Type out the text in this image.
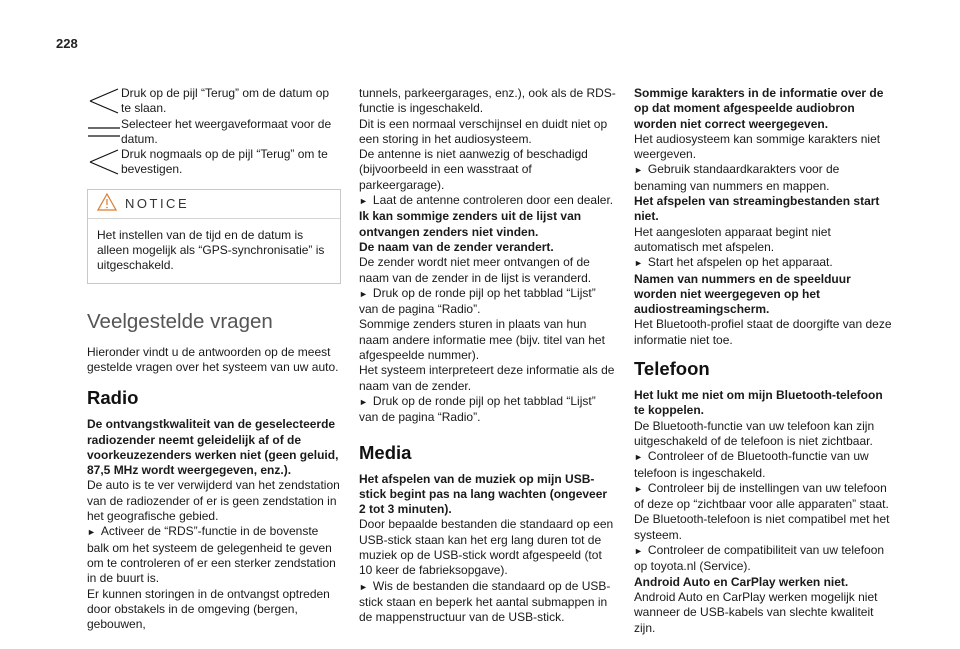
228

Druk op de pijl “Terug” om de datum op te slaan.

Selecteer het weergaveformaat voor de datum.

Druk nogmaals op de pijl “Terug” om te bevestigen.

NOTICE

Het instellen van de tijd en de datum is alleen mogelijk als “GPS-synchronisatie” is uitgeschakeld.

Veelgestelde vragen

Hieronder vindt u de antwoorden op de meest gestelde vragen over het systeem van uw auto.

Radio

De ontvangstkwaliteit van de geselecteerde radiozender neemt geleidelijk af of de voorkeuzezenders werken niet (geen geluid, 87,5 MHz wordt weergegeven, enz.).

De auto is te ver verwijderd van het zendstation van de radiozender of er is geen zendstation in het geografische gebied.

► Activeer de “RDS”-functie in de bovenste balk om het systeem de gelegenheid te geven om te controleren of er een sterker zendstation in de buurt is.

Er kunnen storingen in de ontvangst optreden door obstakels in de omgeving (bergen, gebouwen,

tunnels, parkeergarages, enz.), ook als de RDS-functie is ingeschakeld.

Dit is een normaal verschijnsel en duidt niet op een storing in het audiosysteem.

De antenne is niet aanwezig of beschadigd (bijvoorbeeld in een wasstraat of parkeergarage).

► Laat de antenne controleren door een dealer.

Ik kan sommige zenders uit de lijst van ontvangen zenders niet vinden.

De naam van de zender verandert.

De zender wordt niet meer ontvangen of de naam van de zender in de lijst is veranderd.

► Druk op de ronde pijl op het tabblad “Lijst” van de pagina “Radio”.

Sommige zenders sturen in plaats van hun naam andere informatie mee (bijv. titel van het afgespeelde nummer).

Het systeem interpreteert deze informatie als de naam van de zender.

► Druk op de ronde pijl op het tabblad “Lijst” van de pagina “Radio”.

Media

Het afspelen van de muziek op mijn USB-stick begint pas na lang wachten (ongeveer 2 tot 3 minuten).

Door bepaalde bestanden die standaard op een USB-stick staan kan het erg lang duren tot de muziek op de USB-stick wordt afgespeeld (tot 10 keer de fabrieksopgave).

► Wis de bestanden die standaard op de USB-stick staan en beperk het aantal submappen in de mappenstructuur van de USB-stick.

Sommige karakters in de informatie over de op dat moment afgespeelde audiobron worden niet correct weergegeven.

Het audiosysteem kan sommige karakters niet weergeven.

► Gebruik standaardkarakters voor de benaming van nummers en mappen.

Het afspelen van streamingbestanden start niet.

Het aangesloten apparaat begint niet automatisch met afspelen.

► Start het afspelen op het apparaat.

Namen van nummers en de speelduur worden niet weergegeven op het audiostreamingscherm.

Het Bluetooth-profiel staat de doorgifte van deze informatie niet toe.

Telefoon

Het lukt me niet om mijn Bluetooth-telefoon te koppelen.

De Bluetooth-functie van uw telefoon kan zijn uitgeschakeld of de telefoon is niet zichtbaar.

► Controleer of de Bluetooth-functie van uw telefoon is ingeschakeld.

► Controleer bij de instellingen van uw telefoon of deze op “zichtbaar voor alle apparaten” staat.

De Bluetooth-telefoon is niet compatibel met het systeem.

► Controleer de compatibiliteit van uw telefoon op toyota.nl (Service).

Android Auto en CarPlay werken niet.

Android Auto en CarPlay werken mogelijk niet wanneer de USB-kabels van slechte kwaliteit zijn.
